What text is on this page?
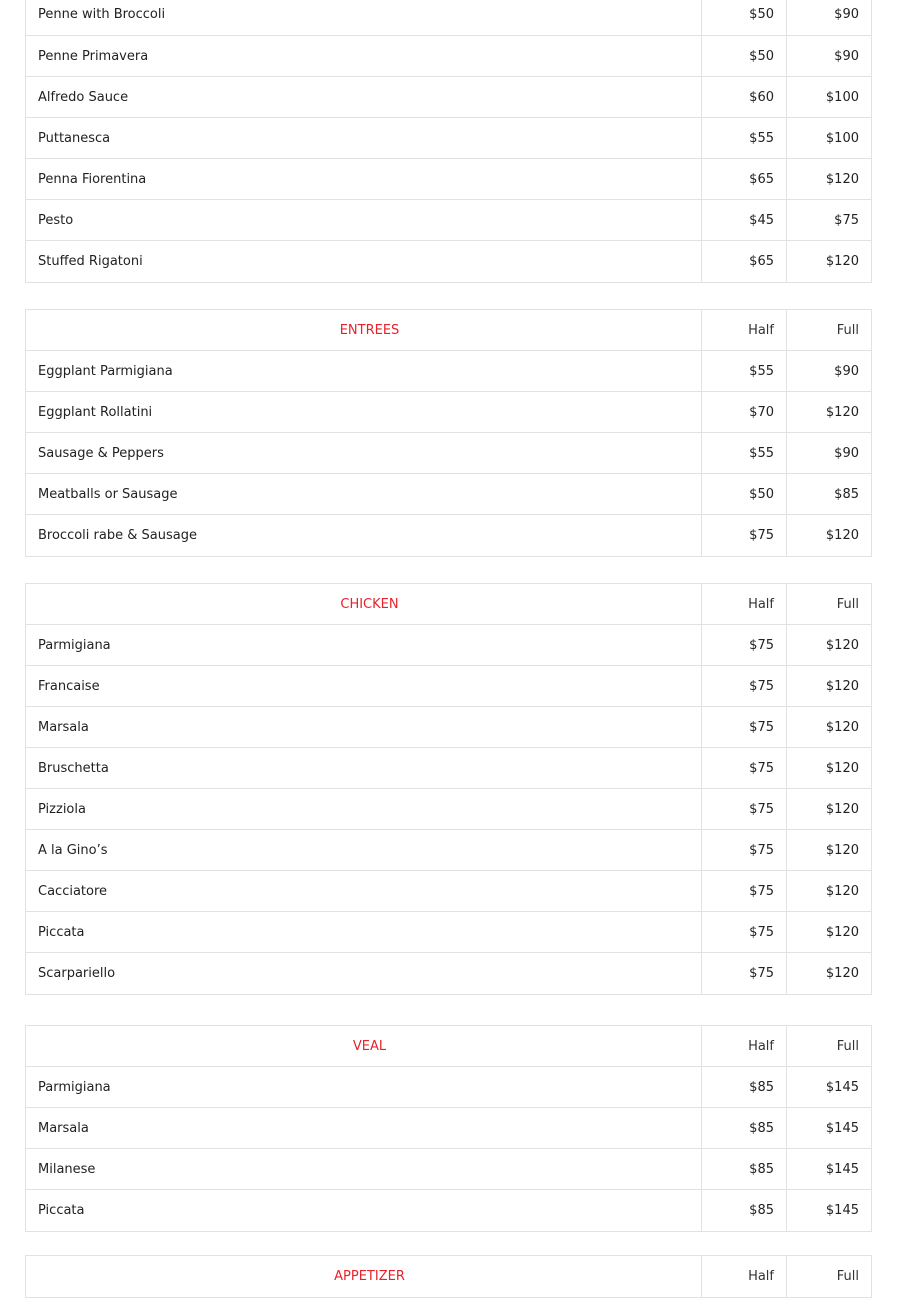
Penne with Broccoli	$50	$90
Penne Primavera	$50	$90
Alfredo Sauce	$60	$100
Puttanesca	$55	$100
Penna Fiorentina	$65	$120
Pesto	$45	$75
Stuffed Rigatoni	$65	$120
ENTREES	Half	Full
Eggplant Parmigiana	$55	$90
Eggplant Rollatini	$70	$120
Sausage & Peppers	$55	$90
Meatballs or Sausage	$50	$85
Broccoli rabe & Sausage	$75	$120
CHICKEN	Half	Full
Parmigiana	$75	$120
Francaise	$75	$120
Marsala	$75	$120
Bruschetta	$75	$120
Pizziola	$75	$120
A la Gino’s	$75	$120
Cacciatore	$75	$120
Piccata	$75	$120
Scarpariello	$75	$120
VEAL	Half	Full
Parmigiana	$85	$145
Marsala	$85	$145
Milanese	$85	$145
Piccata	$85	$145
APPETIZER	Half	Full
